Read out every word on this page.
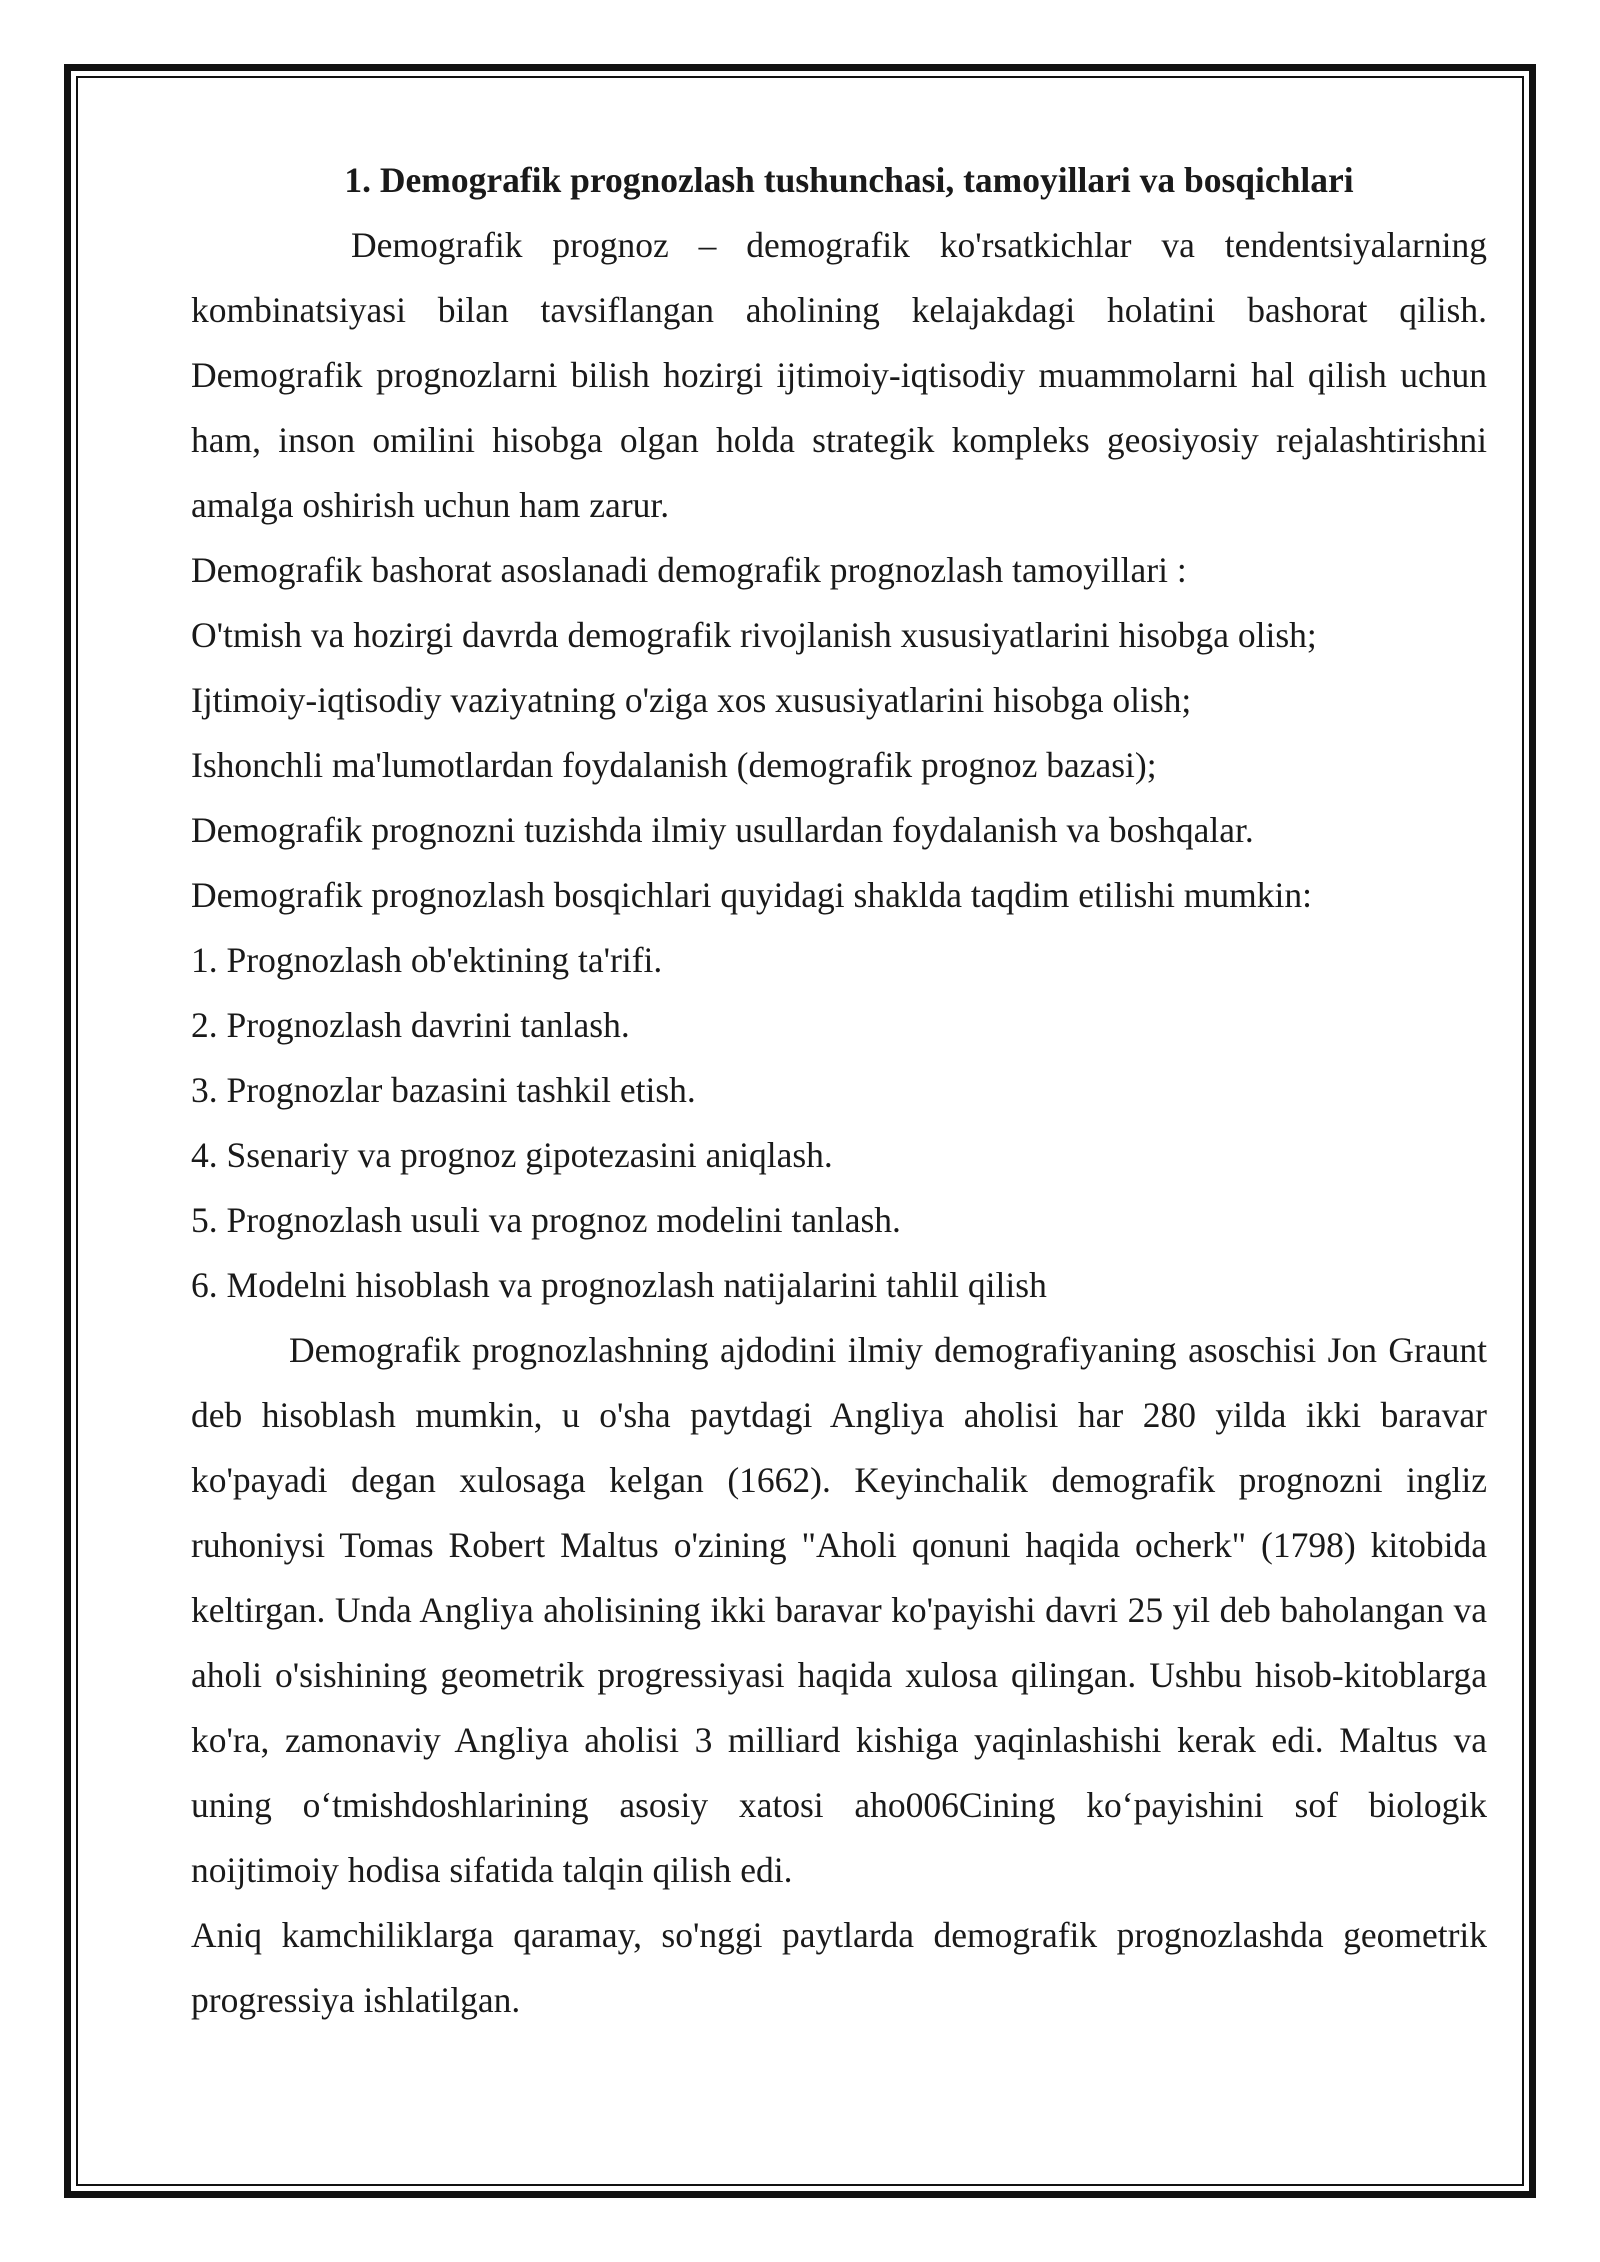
1. Demografik prognozlash tushunchasi, tamoyillari va bosqichlari

Demografik prognoz – demografik ko'rsatkichlar va tendentsiyalarning kombinatsiyasi bilan tavsiflangan aholining kelajakdagi holatini bashorat qilish. Demografik prognozlarni bilish hozirgi ijtimoiy-iqtisodiy muammolarni hal qilish uchun ham, inson omilini hisobga olgan holda strategik kompleks geosiyosiy rejalashtirishni amalga oshirish uchun ham zarur.

Demografik bashorat asoslanadi demografik prognozlash tamoyillari :

O'tmish va hozirgi davrda demografik rivojlanish xususiyatlarini hisobga olish;

Ijtimoiy-iqtisodiy vaziyatning o'ziga xos xususiyatlarini hisobga olish;

Ishonchli ma'lumotlardan foydalanish (demografik prognoz bazasi);

Demografik prognozni tuzishda ilmiy usullardan foydalanish va boshqalar.

Demografik prognozlash bosqichlari quyidagi shaklda taqdim etilishi mumkin:

1. Prognozlash ob'ektining ta'rifi.

2. Prognozlash davrini tanlash.

3. Prognozlar bazasini tashkil etish.

4. Ssenariy va prognoz gipotezasini aniqlash.

5. Prognozlash usuli va prognoz modelini tanlash.

6. Modelni hisoblash va prognozlash natijalarini tahlil qilish

Demografik prognozlashning ajdodini ilmiy demografiyaning asoschisi Jon Graunt deb hisoblash mumkin, u o'sha paytdagi Angliya aholisi har 280 yilda ikki baravar ko'payadi degan xulosaga kelgan (1662). Keyinchalik demografik prognozni ingliz ruhoniysi Tomas Robert Maltus o'zining "Aholi qonuni haqida ocherk" (1798) kitobida keltirgan. Unda Angliya aholisining ikki baravar ko'payishi davri 25 yil deb baholangan va aholi o'sishining geometrik progressiyasi haqida xulosa qilingan. Ushbu hisob-kitoblarga ko'ra, zamonaviy Angliya aholisi 3 milliard kishiga yaqinlashishi kerak edi. Maltus va uning o‘tmishdoshlarining asosiy xatosi aho006Cining ko‘payishini sof biologik noijtimoiy hodisa sifatida talqin qilish edi.

Aniq kamchiliklarga qaramay, so'nggi paytlarda demografik prognozlashda geometrik progressiya ishlatilgan.
